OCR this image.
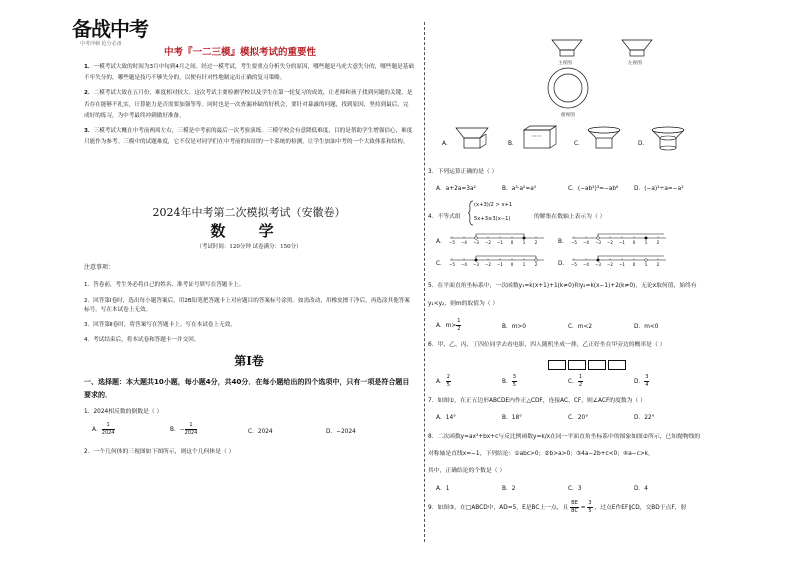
备战中考
中考冲刺 抢分必备
中考『一二三模』模拟考试的重要性

1．一模考试大致的时间为3月中旬到4月之间。经过一模考试，考生要重点分析失分的原因，哪些题是马虎大意失分的，哪些题是基础不牢失分的，哪些题是技巧不够失分的，以便有针对性地制定出正确的复习策略。

2．二模考试大致在五月份，难度相对较大。这次考试主要检测学校以及学生在第一轮复习的成效，让老师和孩子找到问题的关键，是否存在能够不扎实，计算能力是否需要加强等等。同时也是一次查漏补缺的好机会，要针对暴露的问题，找到原因，坚持到最后，完成好的练习，为中考最终冲刺做好准备。

3．三模考试大概在中考前两周左右，三模是中考前的最后一次考验演练。三模学校会有意降低难度，目的是帮助学生增强信心，难度只能作为参考。三模中的试题难度，它不仅是对同学们在中考前的知识的一个系统的检测，让学生加油中考的一个大致体系和结构。

2024年中考第二次模拟考试（安徽卷）
数 学
（考试时间：120分钟 试卷满分：150分）
注意事项：

1．答卷前，考生务必将自己的姓名、准考证号填写在答题卡上。

2．回答第Ⅰ卷时，选出每小题答案后，用2B铅笔把答题卡上对应题目的答案标号涂黑。如需改动，用橡皮擦干净后，再选涂其他答案标号。写在本试卷上无效。

3．回答第Ⅱ卷时，将答案写在答题卡上。写在本试卷上无效。

4．考试结束后，将本试卷和答题卡一并交回。

第Ⅰ卷
一、选择题：本大题共10小题，每小题4分，共40分．在每小题给出的四个选项中，只有一项是符合题目要求的．
1．2024相反数的倒数是（ ）
A． $\frac{1}{2024}$	B．− $\frac{1}{2024}$	C．2024	D．−2024
2．一个几何体的三视图如下图所示，则这个几何体是（ ）
主视图	左视图
俯视图
A．	B．	C．	D．
3．下列运算正确的是（ ）
A．a+2a=3a²	B．a³·a²=a⁵	C．(−ab²)³=−ab⁶	D．(−a)²÷a=−a²
4．不等式组
(x+3)/2 > x+1
5x+3≥3(x−1)	的解集在数轴上表示为（ ）
A． −5 −4 −3 −2 −1 0 1 2	B． −5 −4 −3 −2 −1 0 1 2
C． −5 −4 −3 −2 −1 0 1 2	D． −5 −4 −3 −2 −1 0 1 2
5．在平面直角坐标系中，一次函数y₁=k(x+1)+1(k≠0)和y₂=k(x−1)+2(k≠0)，无论x取何值，始终有
y₁<y₂，则m的取值为（ ）
A．$m> \frac{1}{2}$	B．m>0	C．m<2	D．m<0
6．甲、乙、丙、丁四位同学去看电影，四人随机坐成一排，乙正好坐在甲旁边的概率是（ ）
A． $\frac{2}{5}$	B． $\frac{3}{5}$	C． $\frac{1}{2}$	D． $\frac{3}{4}$
7．如图①，在正五边形ABCDE内作正△CDF，连接AC，CF，则∠ACF的度数为（ ）
A．14°	B．18°	C．20°	D．22°
8．二次函数y=ax²+bx+c与反比例函数y=k/x在同一平面直角坐标系中的图象如图②所示，已知抛物线的
对称轴是直线x=−1，下列结论：①abc>0；②b>a>0；③4a−2b+c<0；④a−c>k，
其中，正确结论的个数是（ ）
A．1	B．2	C．3	D．4
9．如图③，在□ABCD中，AD=5，E是BC上一点，且 $\frac{BE}{BC} = \frac{3}{5}$ ，过点E作EF∥CD，交BD于点F，射
